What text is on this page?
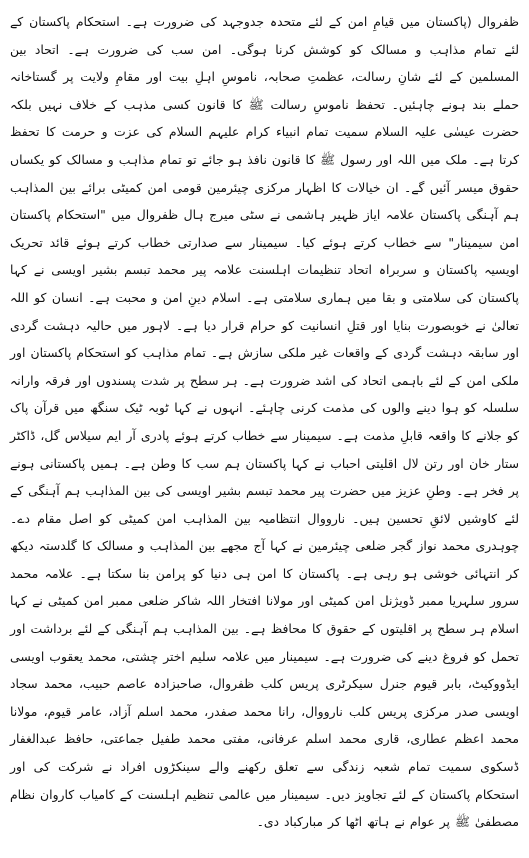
ظفروال (پاکستان میں قیامِ امن کے لئے متحدہ جدوجہد کی ضرورت ہے۔ استحکام پاکستان کے لئے تمام مذاہب و مسالک کو کوشش کرنا ہوگی۔ امن سب کی ضرورت ہے۔ اتحاد بین المسلمین کے لئے شانِ رسالت، عظمتِ صحابہ، ناموسِ اہلِ بیت اور مقامِ ولایت پر گستاخانہ حملے بند ہونے چاہئیں۔ تحفظ ناموسِ رسالت ﷺ کا قانون کسی مذہب کے خلاف نہیں بلکہ حضرت عیسٰی علیہ السلام سمیت تمام انبیاء کرام علیہم السلام کی عزت و حرمت کا تحفظ کرتا ہے۔ ملک میں اللہ اور رسول ﷺ کا قانون نافذ ہو جائے تو تمام مذاہب و مسالک کو یکساں حقوق میسر آئیں گے۔ ان خیالات کا اظہار مرکزی چیئرمین قومی امن کمیٹی برائے بین المذاہب ہم آہنگی پاکستان علامہ ایاز ظہیر ہاشمی نے سٹی میرج ہال ظفروال میں "استحکام پاکستان امن سیمینار" سے خطاب کرتے ہوئے کیا۔ سیمینار سے صدارتی خطاب کرتے ہوئے قائد تحریک اویسیہ پاکستان و سربراہ اتحاد تنظیمات اہلسنت علامہ پیر محمد تبسم بشیر اویسی نے کہا پاکستان کی سلامتی و بقا میں ہماری سلامتی ہے۔ اسلام دینِ امن و محبت ہے۔ انسان کو اللہ تعالیٰ نے خوبصورت بنایا اور قتلِ انسانیت کو حرام قرار دیا ہے۔ لاہور میں حالیہ دہشت گردی اور سابقہ دہشت گردی کے واقعات غیر ملکی سازش ہے۔ تمام مذاہب کو استحکام پاکستان اور ملکی امن کے لئے باہمی اتحاد کی اشد ضرورت ہے۔ ہر سطح پر شدت پسندوں اور فرقہ وارانہ سلسلہ کو ہوا دینے والوں کی مذمت کرنی چاہئے۔ انہوں نے کہا ٹوبہ ٹیک سنگھ میں قرآن پاک کو جلانے کا واقعہ قابلِ مذمت ہے۔ سیمینار سے خطاب کرتے ہوئے پادری آر ایم سیلاس گل، ڈاکٹر ستار خان اور رتن لال اقلیتی احباب نے کہا پاکستان ہم سب کا وطن ہے۔ ہمیں پاکستانی ہونے پر فخر ہے۔ وطنِ عزیز میں حضرت پیر محمد تبسم بشیر اویسی کی بین المذاہب ہم آہنگی کے لئے کاوشیں لائقِ تحسین ہیں۔ نارووال انتظامیہ بین المذاہب امن کمیٹی کو اصل مقام دے۔ چوہدری محمد نواز گجر ضلعی چیئرمین نے کہا آج مجھے بین المذاہب و مسالک کا گلدستہ دیکھ کر انتہائی خوشی ہو رہی ہے۔ پاکستان کا امن ہی دنیا کو پرامن بنا سکتا ہے۔ علامہ محمد سرور سلہریا ممبر ڈویژنل امن کمیٹی اور مولانا افتخار اللہ شاکر ضلعی ممبر امن کمیٹی نے کہا اسلام ہر سطح پر اقلیتوں کے حقوق کا محافظ ہے۔ بین المذاہب ہم آہنگی کے لئے برداشت اور تحمل کو فروغ دینے کی ضرورت ہے۔ سیمینار میں علامہ سلیم اختر چشتی، محمد یعقوب اویسی ایڈووکیٹ، بابر قیوم جنرل سیکرٹری پریس کلب ظفروال، صاحبزادہ عاصم حبیب، محمد سجاد اویسی صدر مرکزی پریس کلب نارووال، رانا محمد صفدر، محمد اسلم آزاد، عامر قیوم، مولانا محمد اعظم عطاری، قاری محمد اسلم عرفانی، مفتی محمد طفیل جماعتی، حافظ عبدالغفار ڈسکوی سمیت تمام شعبہ زندگی سے تعلق رکھنے والے سینکڑوں افراد نے شرکت کی اور استحکام پاکستان کے لئے تجاویز دیں۔ سیمینار میں عالمی تنظیم اہلسنت کے کامیاب کاروان نظام مصطفیٰ ﷺ پر عوام نے ہاتھ اٹھا کر مبارکباد دی۔
